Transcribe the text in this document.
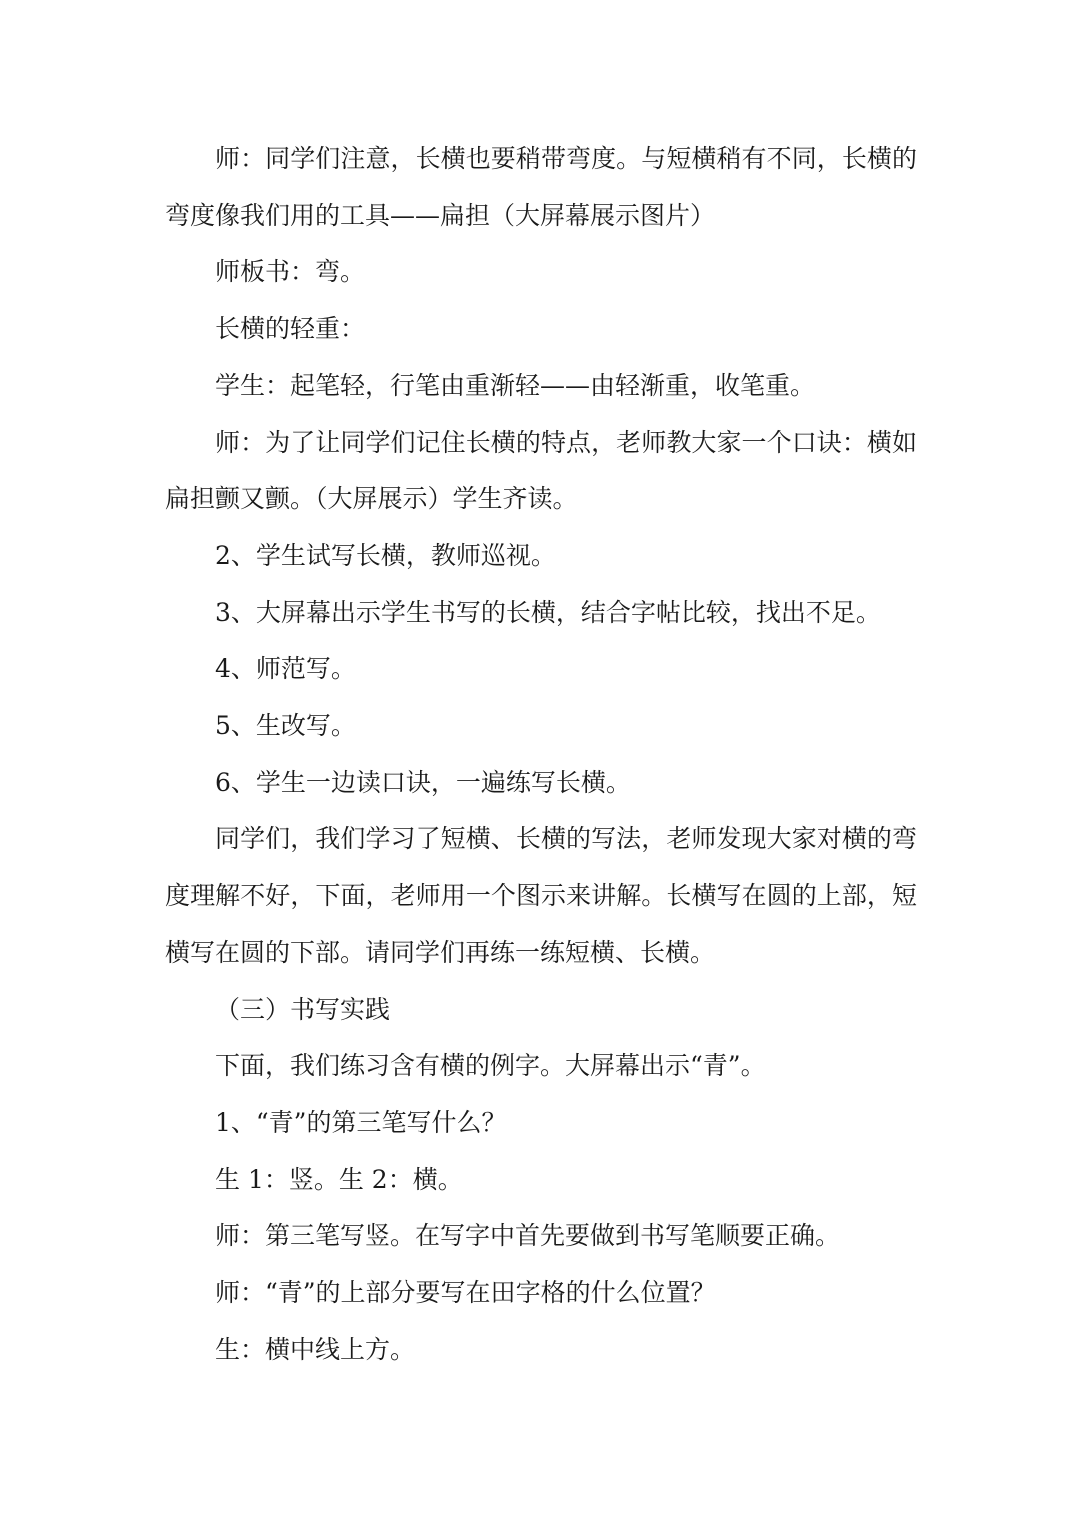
师：同学们注意，长横也要稍带弯度。与短横稍有不同，长横的弯度像我们用的工具——扁担（大屏幕展示图片）

师板书：弯。

长横的轻重：

学生：起笔轻，行笔由重渐轻——由轻渐重，收笔重。

师：为了让同学们记住长横的特点，老师教大家一个口诀：横如扁担颤又颤。（大屏展示）学生齐读。

2、学生试写长横，教师巡视。

3、大屏幕出示学生书写的长横，结合字帖比较，找出不足。

4、师范写。

5、生改写。

6、学生一边读口诀，一遍练写长横。

同学们，我们学习了短横、长横的写法，老师发现大家对横的弯度理解不好，下面，老师用一个图示来讲解。长横写在圆的上部，短横写在圆的下部。请同学们再练一练短横、长横。

（三）书写实践

下面，我们练习含有横的例字。大屏幕出示“青”。

1、“青”的第三笔写什么？

生 1：竖。生 2：横。

师：第三笔写竖。在写字中首先要做到书写笔顺要正确。

师：“青”的上部分要写在田字格的什么位置？

生：横中线上方。
